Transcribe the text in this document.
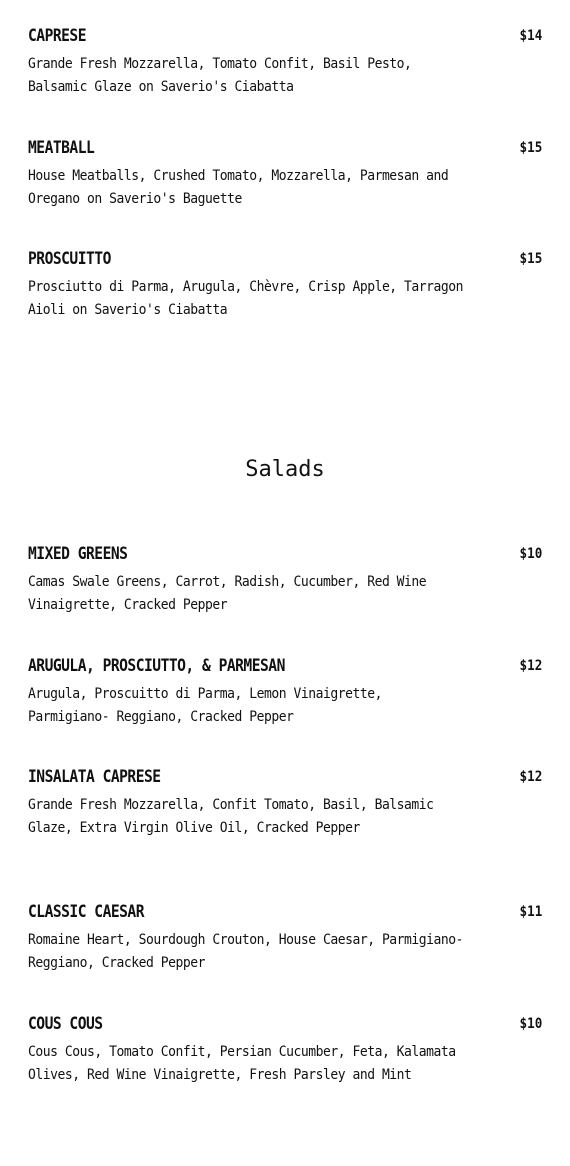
CAPRESE	$14
Grande Fresh Mozzarella, Tomato Confit, Basil Pesto, Balsamic Glaze on Saverio's Ciabatta
MEATBALL	$15
House Meatballs, Crushed Tomato, Mozzarella, Parmesan and Oregano on Saverio's Baguette
PROSCUITTO	$15
Prosciutto di Parma, Arugula, Chèvre, Crisp Apple, Tarragon Aioli on Saverio's Ciabatta
Salads
MIXED GREENS	$10
Camas Swale Greens, Carrot, Radish, Cucumber, Red Wine Vinaigrette, Cracked Pepper
ARUGULA, PROSCIUTTO, & PARMESAN	$12
Arugula, Proscuitto di Parma, Lemon Vinaigrette, Parmigiano- Reggiano, Cracked Pepper
INSALATA CAPRESE	$12
Grande Fresh Mozzarella, Confit Tomato, Basil, Balsamic Glaze, Extra Virgin Olive Oil, Cracked Pepper
CLASSIC CAESAR	$11
Romaine Heart, Sourdough Crouton, House Caesar, Parmigiano-Reggiano, Cracked Pepper
COUS COUS	$10
Cous Cous, Tomato Confit, Persian Cucumber, Feta, Kalamata Olives, Red Wine Vinaigrette, Fresh Parsley and Mint
